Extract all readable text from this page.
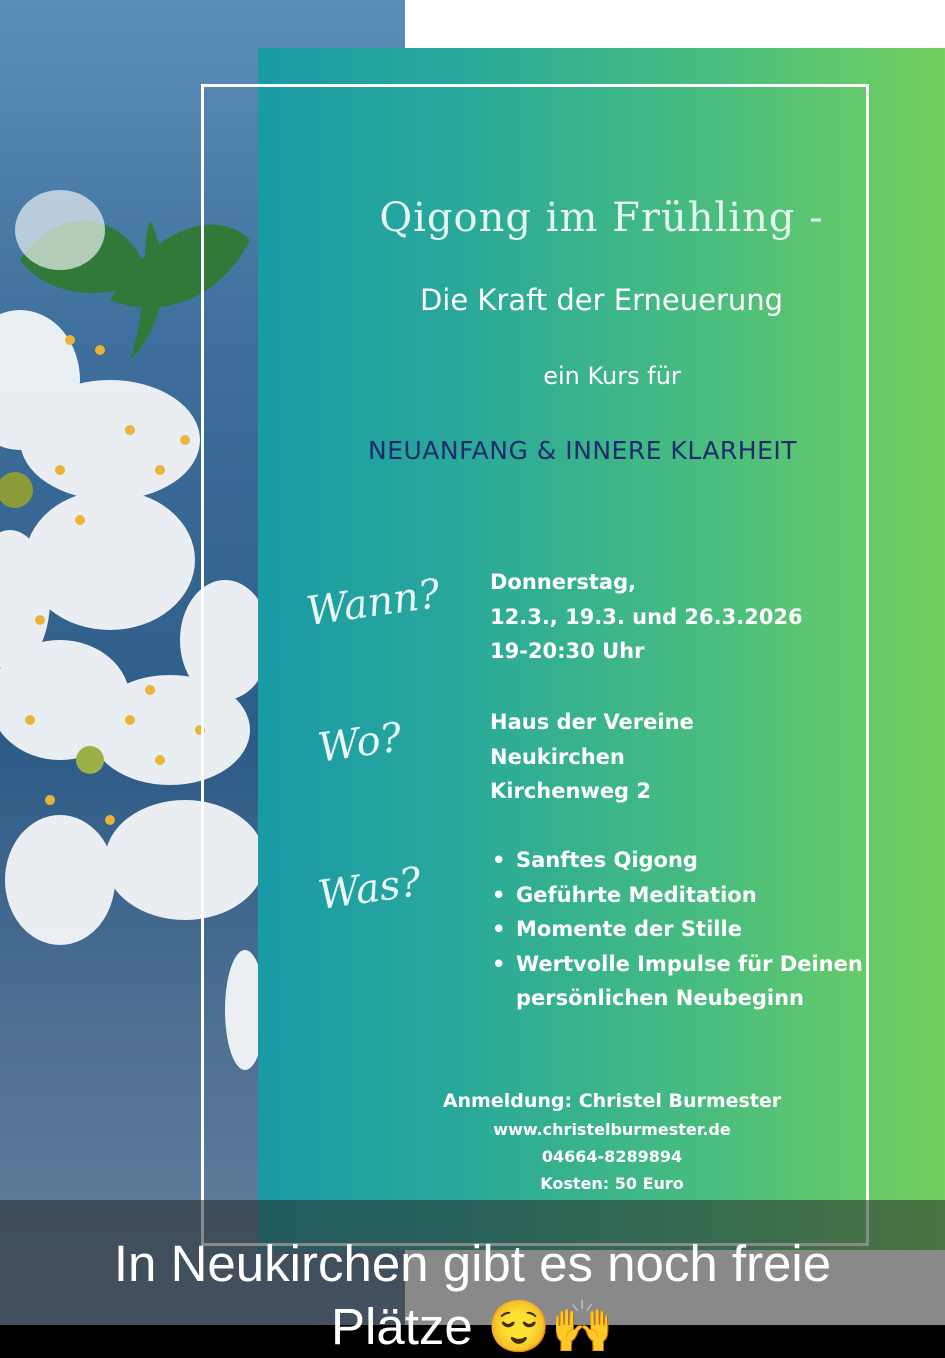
Qigong im Frühling -
Die Kraft der Erneuerung
ein Kurs für
NEUANFANG & INNERE KLARHEIT
Wann? Donnerstag,
12.3., 19.3. und 26.3.2026
19-20:30 Uhr
Wo?	Haus der Vereine
Neukirchen
Kirchenweg 2
Was?
•	Sanftes Qigong
• Geführte Meditation
• Momente der Stille
• Wertvolle Impulse für Deinen persönlichen Neubeginn
Anmeldung: Christel Burmester
www.christelburmester.de
04664-8289894
Kosten: 50 Euro
In Neukirchen gibt es noch freie
Plätze 😌🙌
